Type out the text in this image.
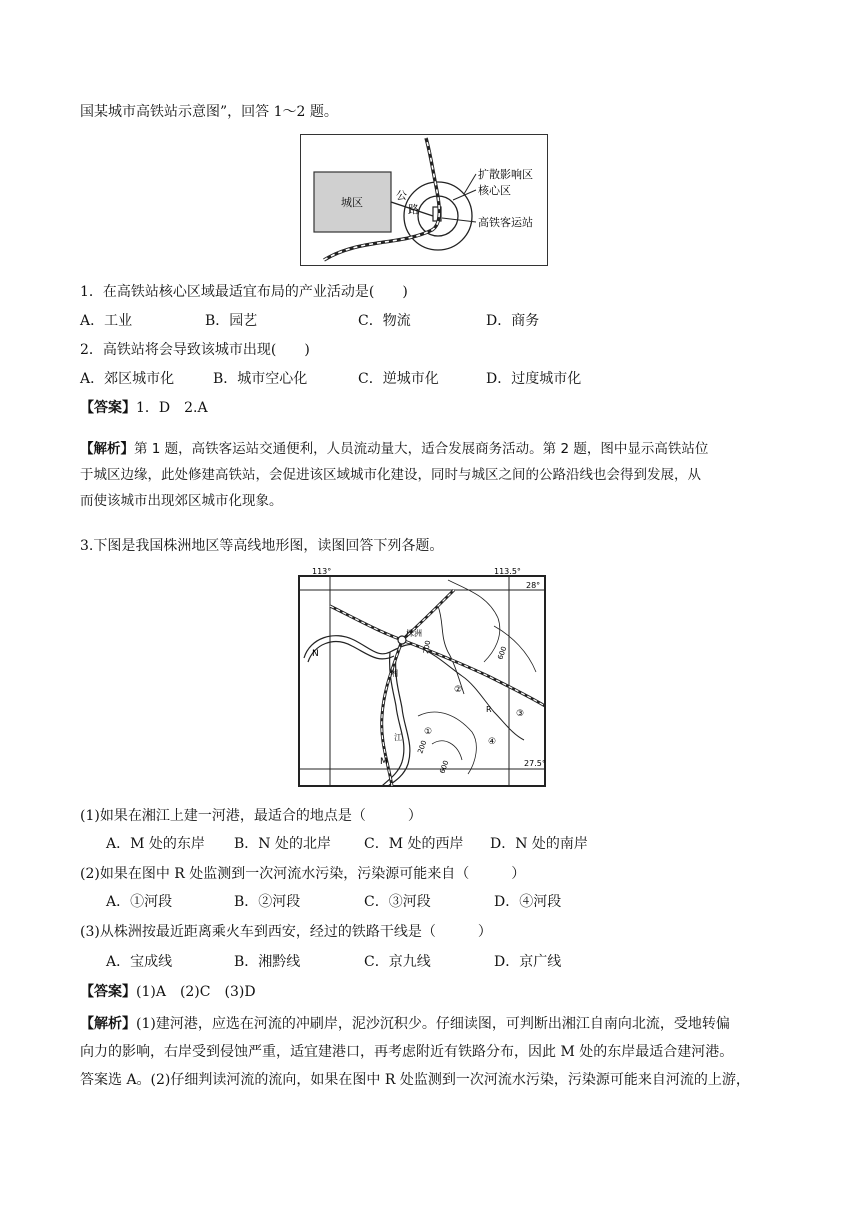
国某城市高铁站示意图”，回答 1～2 题。
城区
公
路
扩散影响区
核心区
高铁客运站
1．在高铁站核心区域最适宜布局的产业活动是(　　)
A．工业	B．园艺	C．物流	D．商务
2．高铁站将会导致该城市出现(　　)
A．郊区城市化	B．城市空心化	C．逆城市化	D．过度城市化
【答案】1．D　2.A
【解析】第 1 题，高铁客运站交通便利，人员流动量大，适合发展商务活动。第 2 题，图中显示高铁站位
于城区边缘，此处修建高铁站，会促进该区域城市化建设，同时与城区之间的公路沿线也会得到发展，从
而使该城市出现郊区城市化现象。
3.下图是我国株洲地区等高线地形图，读图回答下列各题。
113°	113.5°
28°
27.5°
株洲
N
M
R
湘
江
200	600
200
600
①
②
③
④
(1)如果在湘江上建一河港，最适合的地点是（　　　）
A．M 处的东岸 B．N 处的北岸 C．M 处的西岸 D．N 处的南岸
(2)如果在图中 R 处监测到一次河流水污染，污染源可能来自（　　　）
A．①河段	B．②河段	C．③河段	D．④河段
(3)从株洲按最近距离乘火车到西安，经过的铁路干线是（　　　）
A．宝成线	B．湘黔线	C．京九线	D．京广线
【答案】(1)A　(2)C　(3)D
【解析】(1)建河港，应选在河流的冲刷岸，泥沙沉积少。仔细读图，可判断出湘江自南向北流，受地转偏
向力的影响，右岸受到侵蚀严重，适宜建港口，再考虑附近有铁路分布，因此 M 处的东岸最适合建河港。
答案选 A。(2)仔细判读河流的流向，如果在图中 R 处监测到一次河流水污染，污染源可能来自河流的上游，
